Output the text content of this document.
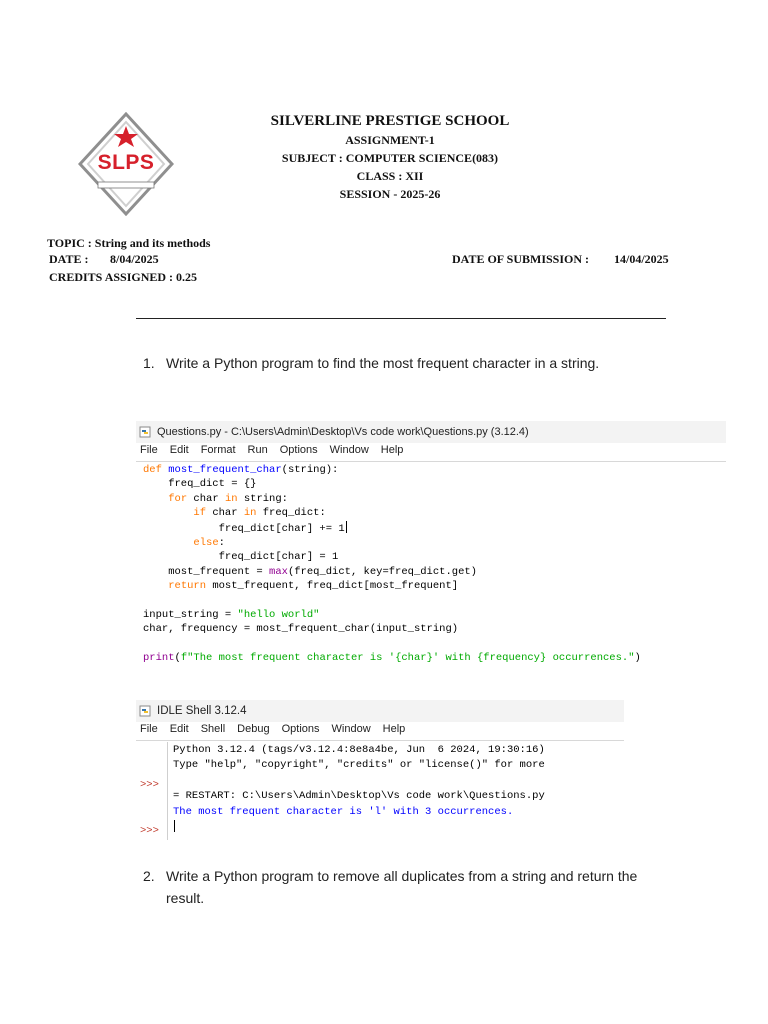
SLPS
SILVERLINE PRESTIGE SCHOOL
ASSIGNMENT-1
SUBJECT : COMPUTER SCIENCE(083)
CLASS : XII
SESSION - 2025-26
TOPIC : String and its methods
DATE : 8/04/2025
CREDITS ASSIGNED : 0.25
DATE OF SUBMISSION : 14/04/2025
1. Write a Python program to find the most frequent character in a string.
Questions.py - C:\Users\Admin\Desktop\Vs code work\Questions.py (3.12.4)
File Edit Format Run Options Window Help
def most_frequent_char(string):
freq_dict = {}
for char in string:
if char in freq_dict:
freq_dict[char] += 1
else:
freq_dict[char] = 1
most_frequent = max(freq_dict, key=freq_dict.get)
return most_frequent, freq_dict[most_frequent]

input_string = "hello world"
char, frequency = most_frequent_char(input_string)

print(f"The most frequent character is '{char}' with {frequency} occurrences.")
IDLE Shell 3.12.4
File Edit Shell Debug Options Window Help
>>>
>>>
Python 3.12.4 (tags/v3.12.4:8e8a4be, Jun  6 2024, 19:30:16)
Type "help", "copyright", "credits" or "license()" for more

= RESTART: C:\Users\Admin\Desktop\Vs code work\Questions.py
The most frequent character is 'l' with 3 occurrences.

2. Write a Python program to remove all duplicates from a string and return the
result.
